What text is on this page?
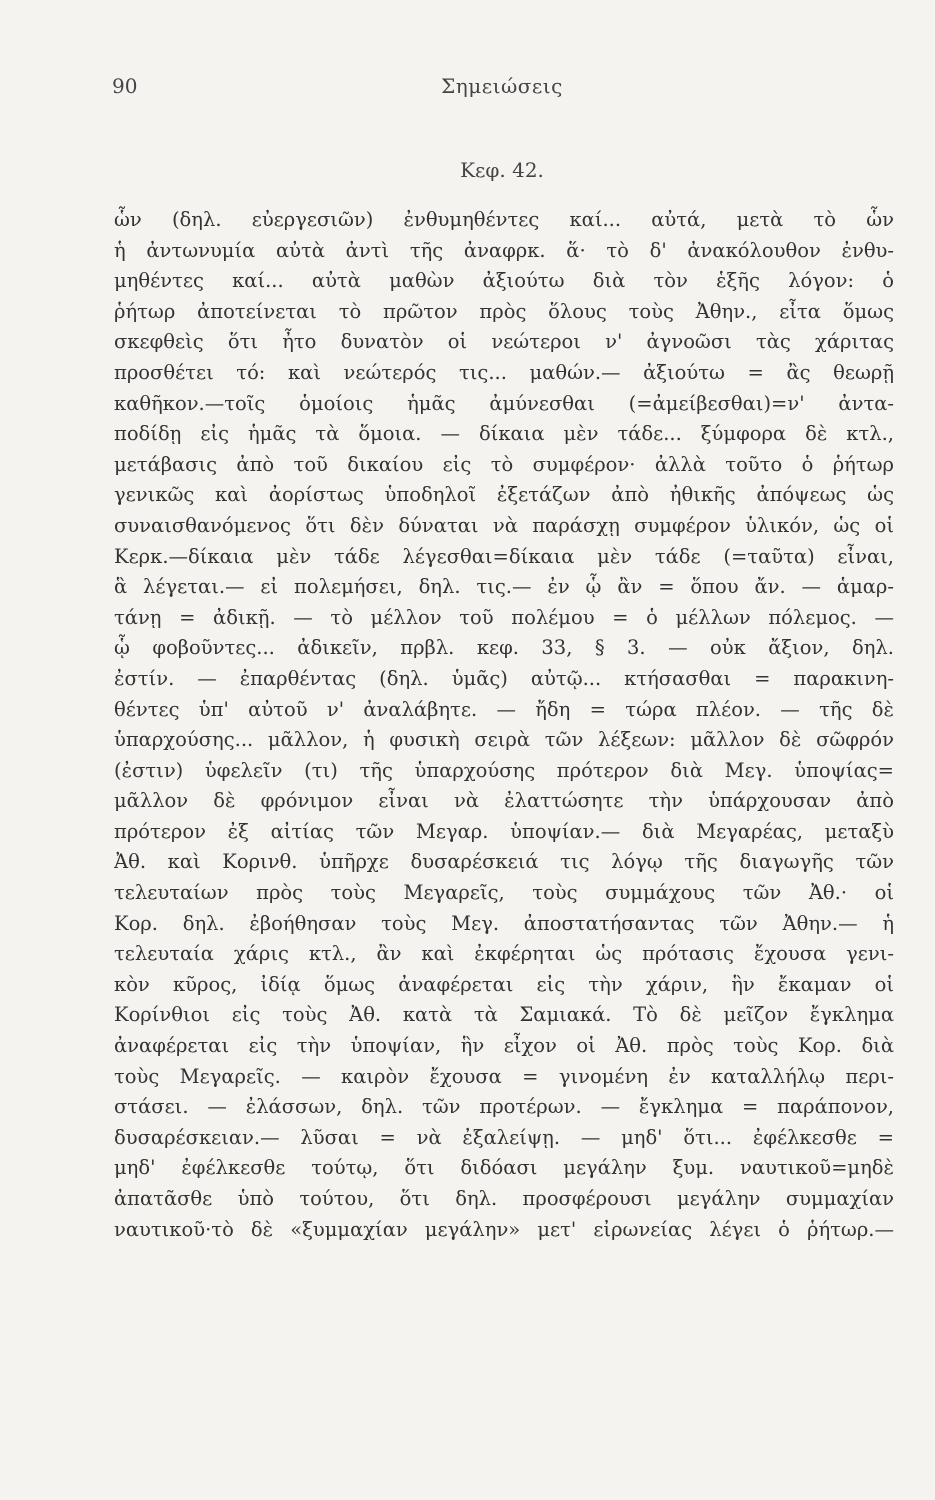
90	Σημειώσεις
Κεφ. 42.
ὧν (δηλ. εὐεργεσιῶν) ἐνθυμηθέντες καί... αὐτά, μετὰ τὸ ὧν
ἡ ἀντωνυμία αὐτὰ ἀντὶ τῆς ἀναφρκ. ἅ· τὸ δ' ἀνακόλουθον ἐνθυ-
μηθέντες καί... αὐτὰ μαθὼν ἀξιούτω διὰ τὸν ἑξῆς λόγον: ὁ
ῥήτωρ ἀποτείνεται τὸ πρῶτον πρὸς ὅλους τοὺς Ἀθην., εἶτα ὅμως
σκεφθεὶς ὅτι ἦτο δυνατὸν οἱ νεώτεροι ν' ἀγνοῶσι τὰς χάριτας
προσθέτει τό: καὶ νεώτερός τις... μαθών.— ἀξιούτω = ἂς θεωρῇ
καθῆκον.—τοῖς ὁμοίοις ἡμᾶς ἀμύνεσθαι (=ἀμείβεσθαι)=ν' ἀντα-
ποδίδῃ εἰς ἡμᾶς τὰ ὅμοια. — δίκαια μὲν τάδε... ξύμφορα δὲ κτλ.,
μετάβασις ἀπὸ τοῦ δικαίου εἰς τὸ συμφέρον· ἀλλὰ τοῦτο ὁ ῥήτωρ
γενικῶς καὶ ἀορίστως ὑποδηλοῖ ἐξετάζων ἀπὸ ἠθικῆς ἀπόψεως ὡς
συναισθανόμενος ὅτι δὲν δύναται νὰ παράσχῃ συμφέρον ὑλικόν, ὡς οἱ
Κερκ.—δίκαια μὲν τάδε λέγεσθαι=δίκαια μὲν τάδε (=ταῦτα) εἶναι,
ἃ λέγεται.— εἰ πολεμήσει, δηλ. τις.— ἐν ᾧ ἂν = ὅπου ἄν. — ἁμαρ-
τάνῃ = ἀδικῇ. — τὸ μέλλον τοῦ πολέμου = ὁ μέλλων πόλεμος. —
ᾧ φοβοῦντες... ἀδικεῖν, πρβλ. κεφ. 33, § 3. — οὐκ ἄξιον, δηλ.
ἐστίν. — ἐπαρθέντας (δηλ. ὑμᾶς) αὐτῷ... κτήσασθαι = παρακινη-
θέντες ὑπ' αὐτοῦ ν' ἀναλάβητε. — ἤδη = τώρα πλέον. — τῆς δὲ
ὑπαρχούσης... μᾶλλον, ἡ φυσικὴ σειρὰ τῶν λέξεων: μᾶλλον δὲ σῶφρόν
(ἐστιν) ὑφελεῖν (τι) τῆς ὑπαρχούσης πρότερον διὰ Μεγ. ὑποψίας=
μᾶλλον δὲ φρόνιμον εἶναι νὰ ἐλαττώσητε τὴν ὑπάρχουσαν ἀπὸ
πρότερον ἐξ αἰτίας τῶν Μεγαρ. ὑποψίαν.— διὰ Μεγαρέας, μεταξὺ
Ἀθ. καὶ Κορινθ. ὑπῆρχε δυσαρέσκειά τις λόγῳ τῆς διαγωγῆς τῶν
τελευταίων πρὸς τοὺς Μεγαρεῖς, τοὺς συμμάχους τῶν Ἀθ.· οἱ
Κορ. δηλ. ἐβοήθησαν τοὺς Μεγ. ἀποστατήσαντας τῶν Ἀθην.— ἡ
τελευταία χάρις κτλ., ἂν καὶ ἐκφέρηται ὡς πρότασις ἔχουσα γενι-
κὸν κῦρος, ἰδίᾳ ὅμως ἀναφέρεται εἰς τὴν χάριν, ἣν ἔκαμαν οἱ
Κορίνθιοι εἰς τοὺς Ἀθ. κατὰ τὰ Σαμιακά. Τὸ δὲ μεῖζον ἔγκλημα
ἀναφέρεται εἰς τὴν ὑποψίαν, ἣν εἶχον οἱ Ἀθ. πρὸς τοὺς Κορ. διὰ
τοὺς Μεγαρεῖς. — καιρὸν ἔχουσα = γινομένη ἐν καταλλήλῳ περι-
στάσει. — ἐλάσσων, δηλ. τῶν προτέρων. — ἔγκλημα = παράπονον,
δυσαρέσκειαν.— λῦσαι = νὰ ἐξαλείψῃ. — μηδ' ὅτι... ἐφέλκεσθε =
μηδ' ἐφέλκεσθε τούτῳ, ὅτι διδόασι μεγάλην ξυμ. ναυτικοῦ=μηδὲ
ἀπατᾶσθε ὑπὸ τούτου, ὅτι δηλ. προσφέρουσι μεγάλην συμμαχίαν
ναυτικοῦ·τὸ δὲ «ξυμμαχίαν μεγάλην» μετ' εἰρωνείας λέγει ὁ ῥήτωρ.—
